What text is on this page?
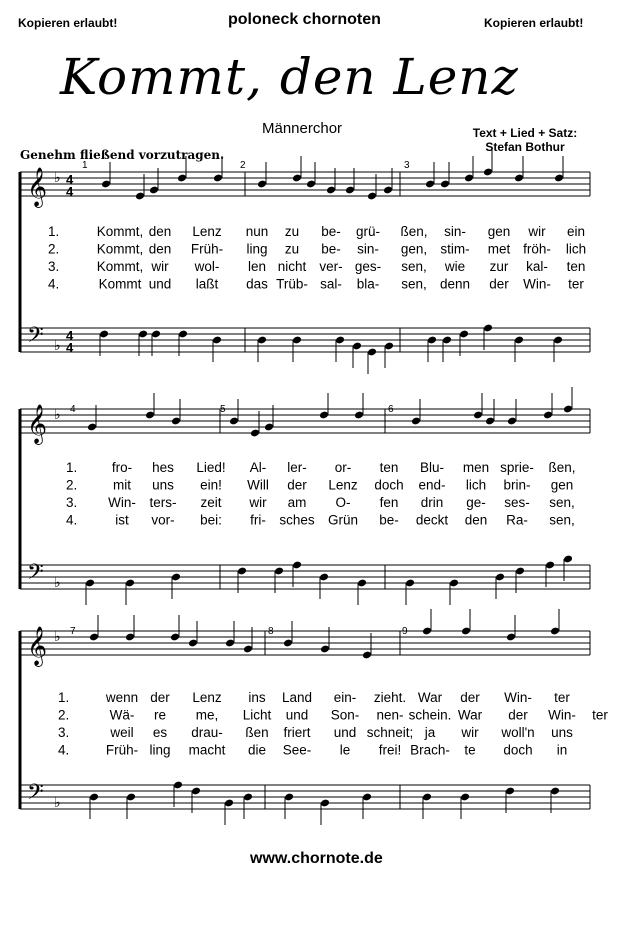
Kopieren erlaubt!	poloneck chornoten	Kopieren erlaubt!
Kommt, den Lenz
Männerchor	Text + Lied + Satz:
Stefan Bothur
Genehm fließend vorzutragen.
𝄞 ♭ 4
4
𝄢 ♭
4
4
1	2	3
1.	Kommt, den Lenz nun zu be- grü- ßen, sin- gen wir ein
2.	Kommt, den Früh- ling zu be- sin- gen, stim- met fröh- lich
3.	Kommt, wir wol- len nicht ver- ges- sen, wie zur kal- ten
4.	Kommt und laßt das Trüb- sal- bla- sen, denn der Win- ter
𝄞 ♭
𝄢 ♭
4	5	6
1.	fro- hes Lied! Al- ler- or- ten Blu- men sprie- ßen,
2.	mit uns ein! Will der Lenz doch end- lich brin- gen
3. Win- ters- zeit wir am O- fen drin ge- ses- sen,
4.	ist vor- bei: fri- sches Grün be- deckt den Ra- sen,
𝄞 ♭
𝄢 ♭
7	8	9
1.	wenn der Lenz ins Land ein- zieht. War der Win- ter
2.	Wä- re me, Licht und Son- nen- schein. War der Win- ter
3.	weil es drau- ßen friert und schneit; ja wir woll'n uns
4.	Früh- ling macht die See- le frei! Brach- te doch in
www.chornote.de
